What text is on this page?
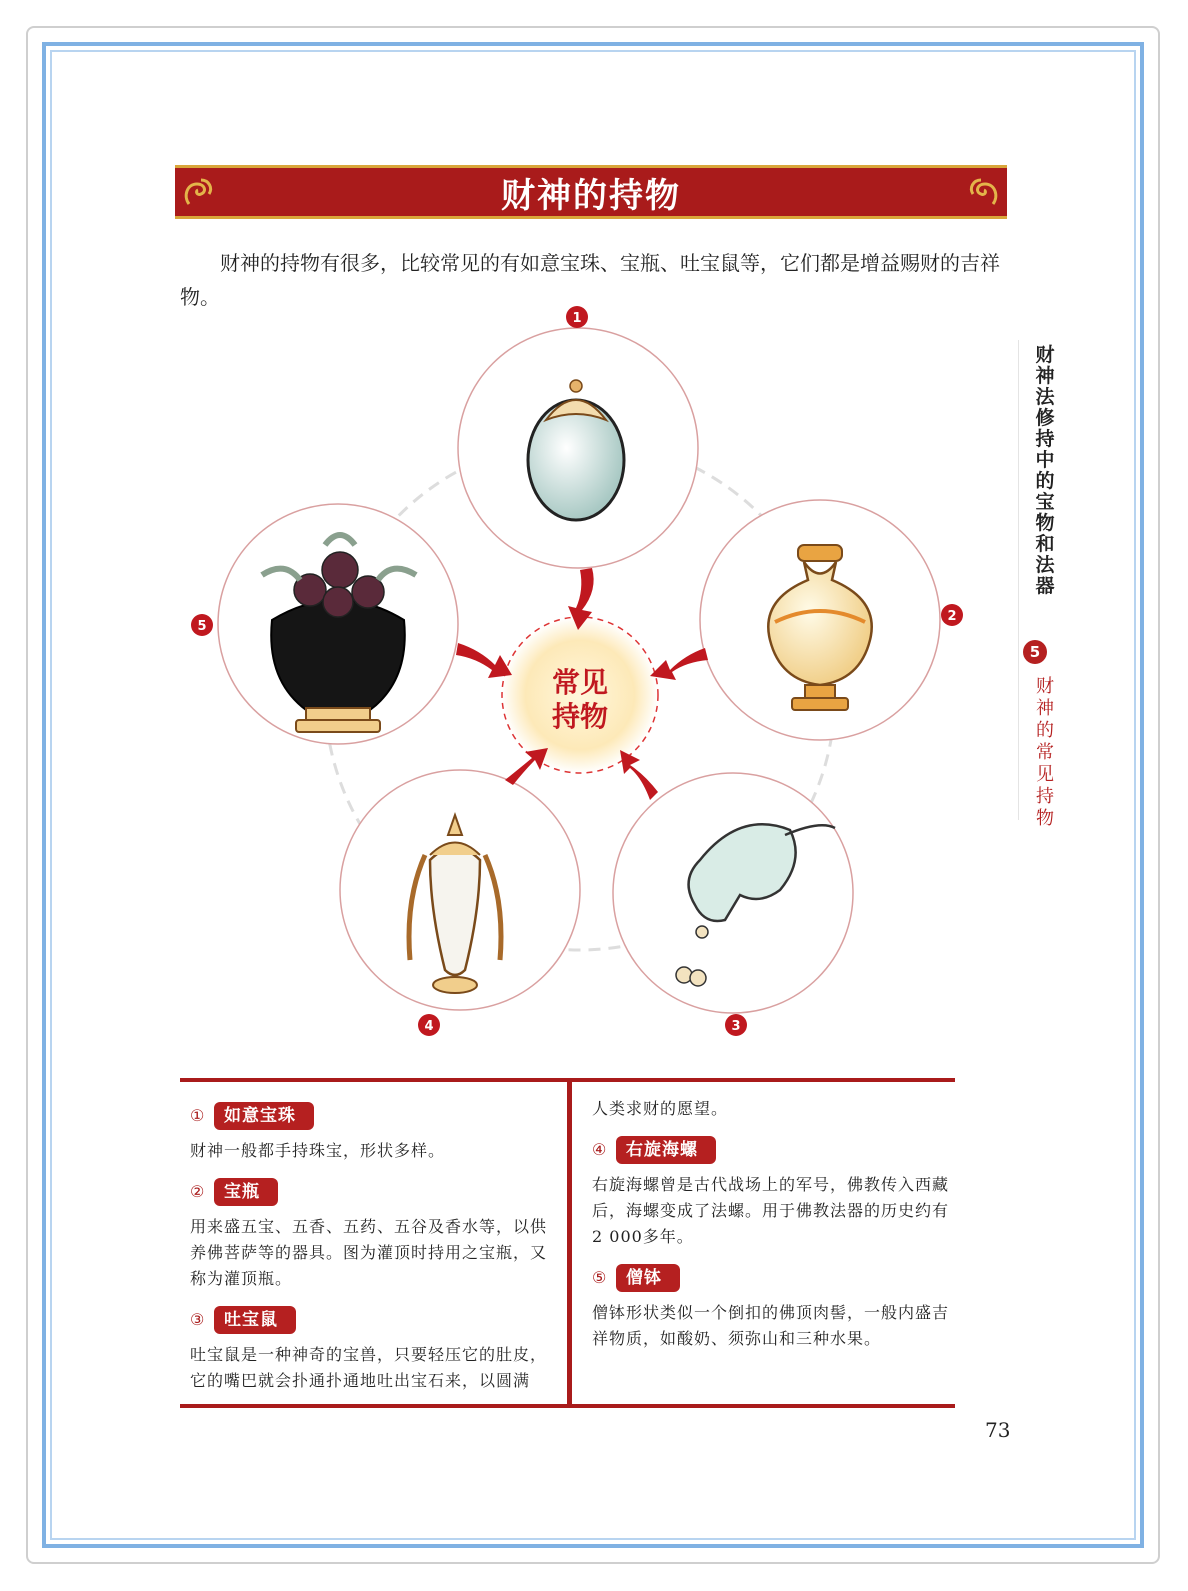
财神的持物
财神的持物有很多，比较常见的有如意宝珠、宝瓶、吐宝鼠等，它们都是增益赐财的吉祥物。
财神法修持中的宝物和法器
5
财神的常见持物
常见
持物
1
2
3
4
5
①	如意宝珠

财神一般都手持珠宝，形状多样。

②	宝瓶

用来盛五宝、五香、五药、五谷及香水等，以供养佛菩萨等的器具。图为灌顶时持用之宝瓶，又称为灌顶瓶。

③	吐宝鼠

吐宝鼠是一种神奇的宝兽，只要轻压它的肚皮，它的嘴巴就会扑通扑通地吐出宝石来，以圆满

人类求财的愿望。

④	右旋海螺

右旋海螺曾是古代战场上的军号，佛教传入西藏后，海螺变成了法螺。用于佛教法器的历史约有2 000多年。

⑤	僧钵

僧钵形状类似一个倒扣的佛顶肉髻，一般内盛吉祥物质，如酸奶、须弥山和三种水果。

73
